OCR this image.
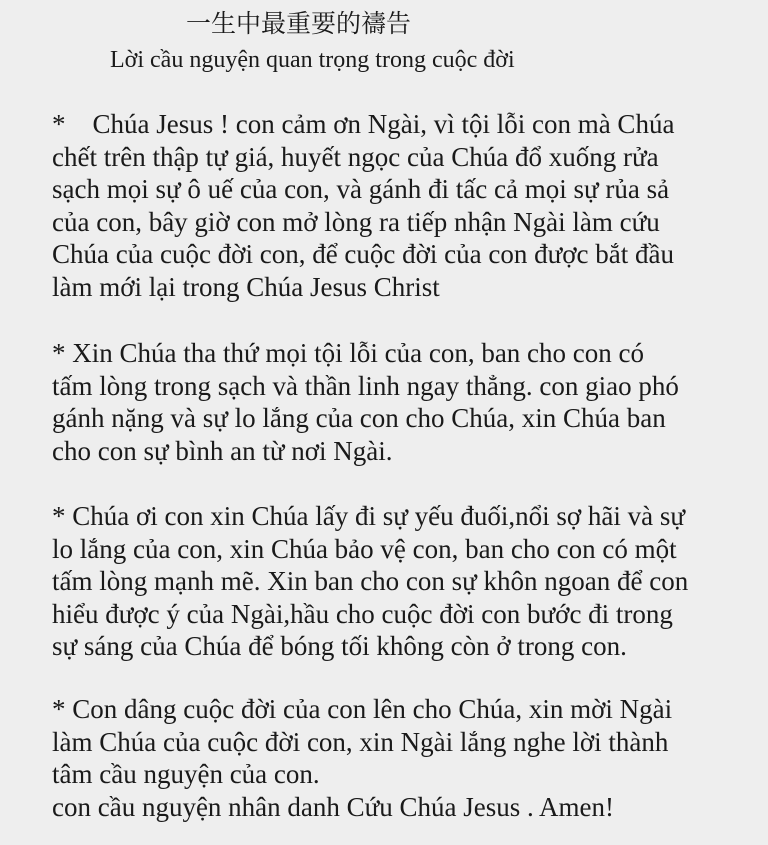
一生中最重要的禱告
Lời cầu nguyện quan trọng trong cuộc đời

*    Chúa Jesus ! con cảm ơn Ngài, vì tội lỗi con mà Chúa
chết trên thập tự giá, huyết ngọc của Chúa đổ xuống rửa
sạch mọi sự ô uế của con, và gánh đi tấc cả mọi sự rủa sả
của con, bây giờ con mở lòng ra tiếp nhận Ngài làm cứu
Chúa của cuộc đời con, để cuộc đời của con được bắt đầu
làm mới lại trong Chúa Jesus Christ

* Xin Chúa tha thứ mọi tội lỗi của con, ban cho con có
tấm lòng trong sạch và thần linh ngay thẳng. con giao phó
gánh nặng và sự lo lắng của con cho Chúa, xin Chúa ban
cho con sự bình an từ nơi Ngài.

* Chúa ơi con xin Chúa lấy đi sự yếu đuối,nổi sợ hãi và sự
lo lắng của con, xin Chúa bảo vệ con, ban cho con có một
tấm lòng mạnh mẽ. Xin ban cho con sự khôn ngoan để con
hiểu được ý của Ngài,hầu cho cuộc đời con bước đi trong
sự sáng của Chúa để bóng tối không còn ở trong con.

* Con dâng cuộc đời của con lên cho Chúa, xin mời Ngài
làm Chúa của cuộc đời con, xin Ngài lắng nghe lời thành
tâm cầu nguyện của con.
con cầu nguyện nhân danh Cứu Chúa Jesus . Amen!
